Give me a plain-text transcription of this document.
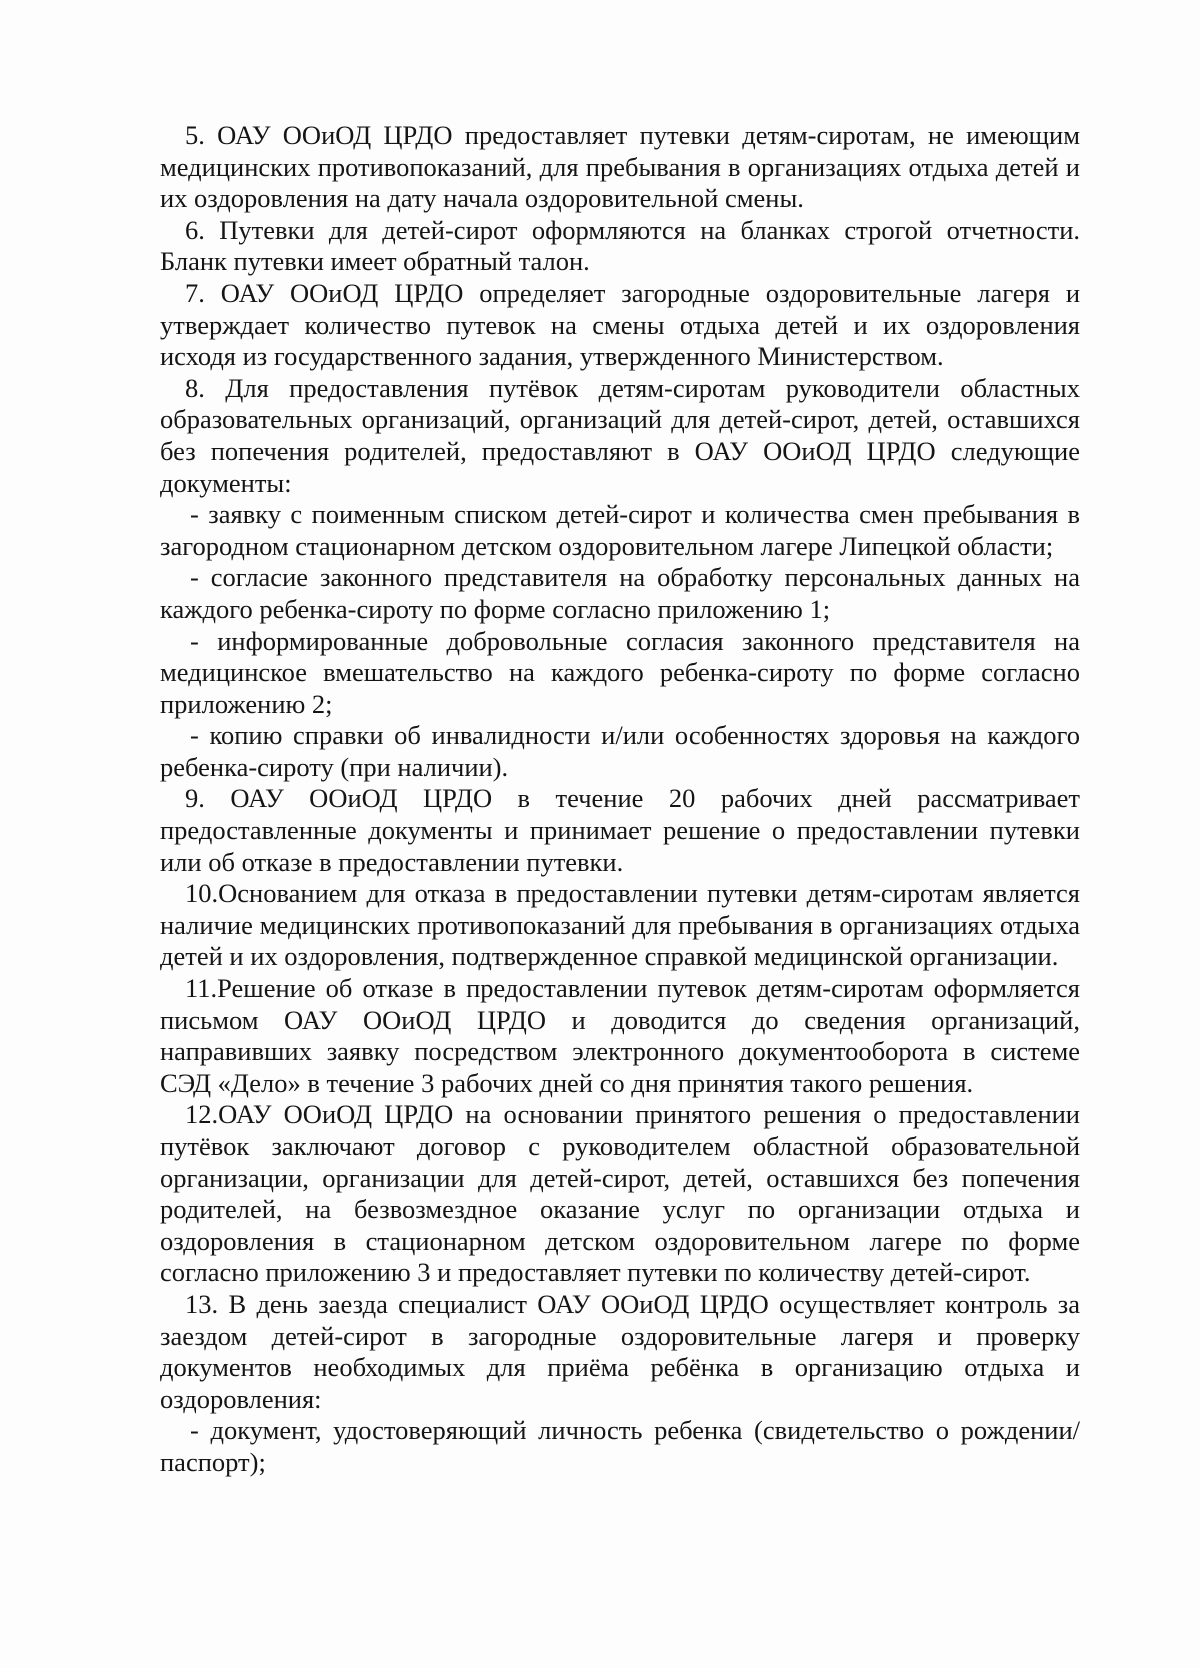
5. ОАУ ООиОД ЦРДО предоставляет путевки детям-сиротам, не имеющим медицинских противопоказаний, для пребывания в организациях отдыха детей и их оздоровления на дату начала оздоровительной смены.

6. Путевки для детей-сирот оформляются на бланках строгой отчетности. Бланк путевки имеет обратный талон.

7. ОАУ ООиОД ЦРДО определяет загородные оздоровительные лагеря и утверждает количество путевок на смены отдыха детей и их оздоровления исходя из государственного задания, утвержденного Министерством.

8. Для предоставления путёвок детям-сиротам руководители областных образовательных организаций, организаций для детей-сирот, детей, оставшихся без попечения родителей, предоставляют в ОАУ ООиОД ЦРДО следующие документы:

- заявку с поименным списком детей-сирот и количества смен пребывания в загородном стационарном детском оздоровительном лагере Липецкой области;

- согласие законного представителя на обработку персональных данных на каждого ребенка-сироту по форме согласно приложению 1;

- информированные добровольные согласия законного представителя на медицинское вмешательство на каждого ребенка-сироту по форме согласно приложению 2;

- копию справки об инвалидности и/или особенностях здоровья на каждого ребенка-сироту (при наличии).

9. ОАУ ООиОД ЦРДО в течение 20 рабочих дней рассматривает предоставленные документы и принимает решение о предоставлении путевки или об отказе в предоставлении путевки.

10.Основанием для отказа в предоставлении путевки детям-сиротам является наличие медицинских противопоказаний для пребывания в организациях отдыха детей и их оздоровления, подтвержденное справкой медицинской организации.

11.Решение об отказе в предоставлении путевок детям-сиротам оформляется письмом ОАУ ООиОД ЦРДО и доводится до сведения организаций, направивших заявку посредством электронного документооборота в системе СЭД «Дело» в течение 3 рабочих дней со дня принятия такого решения.

12.ОАУ ООиОД ЦРДО на основании принятого решения о предоставлении путёвок заключают договор с руководителем областной образовательной организации, организации для детей-сирот, детей, оставшихся без попечения родителей, на безвозмездное оказание услуг по организации отдыха и оздоровления в стационарном детском оздоровительном лагере по форме согласно приложению 3 и предоставляет путевки по количеству детей-сирот.

13. В день заезда специалист ОАУ ООиОД ЦРДО осуществляет контроль за заездом детей-сирот в загородные оздоровительные лагеря и проверку документов необходимых для приёма ребёнка в организацию отдыха и оздоровления:

- документ, удостоверяющий личность ребенка (свидетельство о рождении/паспорт);
